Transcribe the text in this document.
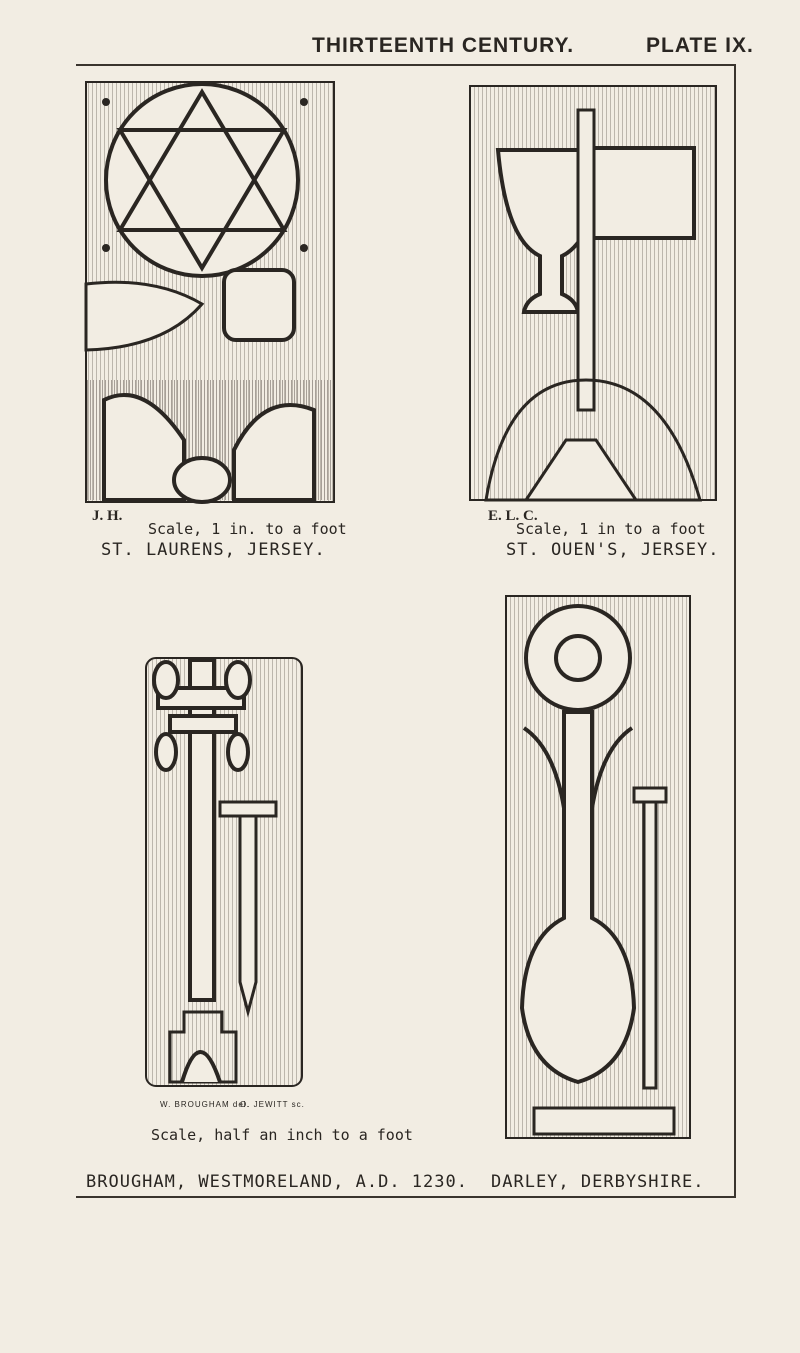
THIRTEENTH CENTURY.	PLATE IX.
J. H.
Scale, 1 in. to a foot
ST. LAURENS, JERSEY.
E. L. C.
Scale, 1 in to a foot
ST. OUEN'S, JERSEY.
W. BROUGHAM del.
O. JEWITT sc.
Scale, half an inch to a foot
BROUGHAM, WESTMORELAND, A.D. 1230. DARLEY, DERBYSHIRE.
